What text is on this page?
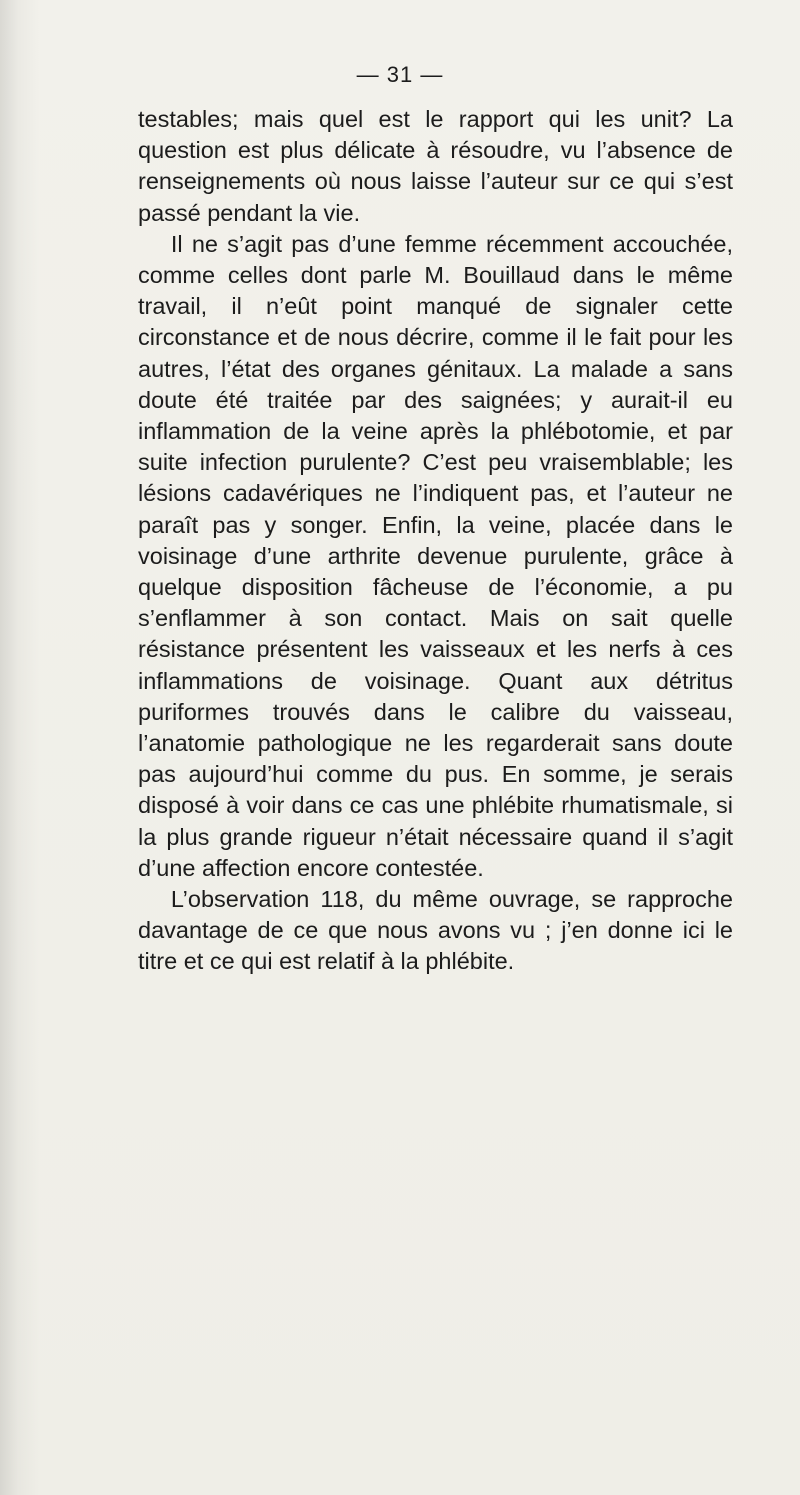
— 31 —

testables; mais quel est le rapport qui les unit? La question est plus délicate à résoudre, vu l’absence de renseignements où nous laisse l’auteur sur ce qui s’est passé pendant la vie.

Il ne s’agit pas d’une femme récemment accouchée, comme celles dont parle M. Bouillaud dans le même travail, il n’eût point manqué de signaler cette circonstance et de nous décrire, comme il le fait pour les autres, l’état des organes génitaux. La malade a sans doute été traitée par des saignées; y aurait-il eu inflammation de la veine après la phlébotomie, et par suite infection purulente? C’est peu vraisemblable; les lésions cadavériques ne l’indiquent pas, et l’auteur ne paraît pas y songer. Enfin, la veine, placée dans le voisinage d’une arthrite devenue purulente, grâce à quelque disposition fâcheuse de l’économie, a pu s’enflammer à son contact. Mais on sait quelle résistance présentent les vaisseaux et les nerfs à ces inflammations de voisinage. Quant aux détritus puriformes trouvés dans le calibre du vaisseau, l’anatomie pathologique ne les regarderait sans doute pas aujourd’hui comme du pus. En somme, je serais disposé à voir dans ce cas une phlébite rhumatismale, si la plus grande rigueur n’était nécessaire quand il s’agit d’une affection encore contestée.

L’observation 118, du même ouvrage, se rapproche davantage de ce que nous avons vu ; j’en donne ici le titre et ce qui est relatif à la phlébite.
